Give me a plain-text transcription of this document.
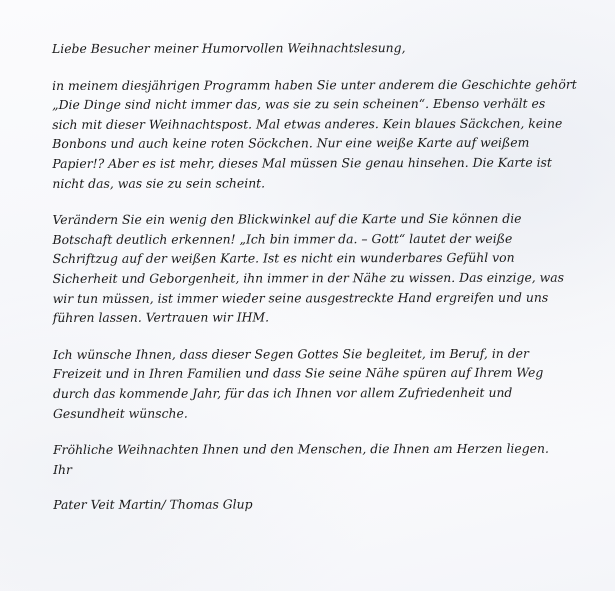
Liebe Besucher meiner Humorvollen Weihnachtslesung,
in meinem diesjährigen Programm haben Sie unter anderem die Geschichte gehört
„Die Dinge sind nicht immer das, was sie zu sein scheinen“. Ebenso verhält es
sich mit dieser Weihnachtspost. Mal etwas anderes. Kein blaues Säckchen, keine
Bonbons und auch keine roten Söckchen. Nur eine weiße Karte auf weißem
Papier!? Aber es ist mehr, dieses Mal müssen Sie genau hinsehen. Die Karte ist
nicht das, was sie zu sein scheint.
Verändern Sie ein wenig den Blickwinkel auf die Karte und Sie können die
Botschaft deutlich erkennen! „Ich bin immer da. – Gott“ lautet der weiße
Schriftzug auf der weißen Karte. Ist es nicht ein wunderbares Gefühl von
Sicherheit und Geborgenheit, ihn immer in der Nähe zu wissen. Das einzige, was
wir tun müssen, ist immer wieder seine ausgestreckte Hand ergreifen und uns
führen lassen. Vertrauen wir IHM.
Ich wünsche Ihnen, dass dieser Segen Gottes Sie begleitet, im Beruf, in der
Freizeit und in Ihren Familien und dass Sie seine Nähe spüren auf Ihrem Weg
durch das kommende Jahr, für das ich Ihnen vor allem Zufriedenheit und
Gesundheit wünsche.
Fröhliche Weihnachten Ihnen und den Menschen, die Ihnen am Herzen liegen.
Ihr
Pater Veit Martin/ Thomas Glup
